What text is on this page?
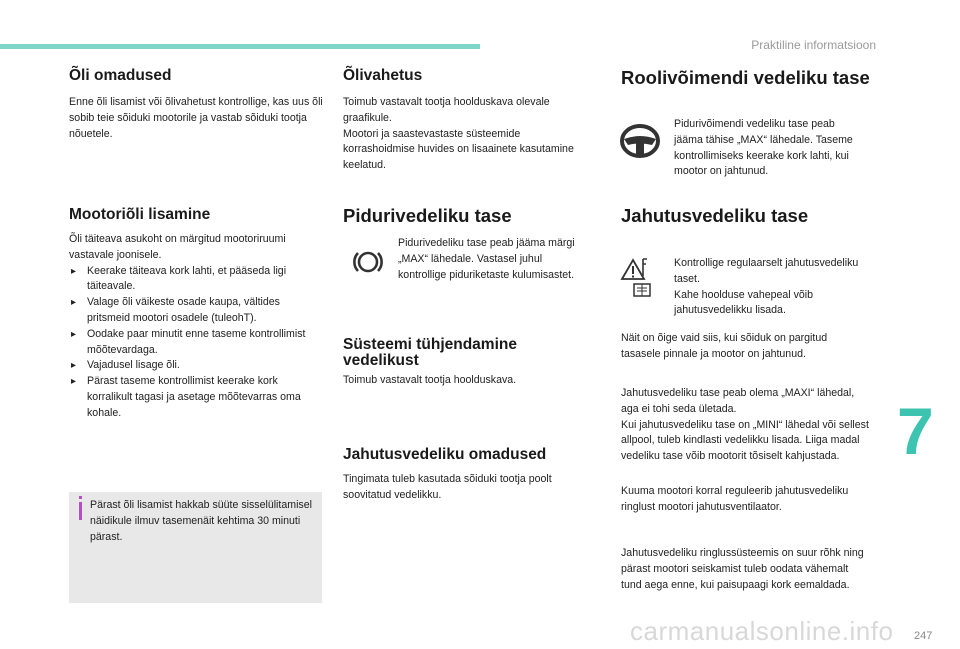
Praktiline informatsioon
Õli omadused
Enne õli lisamist või õlivahetust kontrollige, kas uus õli sobib teie sõiduki mootorile ja vastab sõiduki tootja nõuetele.
Mootoriõli lisamine
Õli täiteava asukoht on märgitud mootoriruumi vastavale joonisele.
▸ Keerake täiteava kork lahti, et pääseda ligi täiteavale.
▸ Valage õli väikeste osade kaupa, vältides pritsmeid mootori osadele (tuleohT).
▸ Oodake paar minutit enne taseme kontrollimist mõõtevardaga.
▸ Vajadusel lisage õli.
▸ Pärast taseme kontrollimist keerake kork korralikult tagasi ja asetage mõõtevarras oma kohale.
Pärast õli lisamist hakkab süüte sisselülitamisel näidikule ilmuv tasemenäit kehtima 30 minuti pärast.
Õlivahetus
Toimub vastavalt tootja hoolduskava olevale graafikule.
Mootori ja saastevastaste süsteemide korrashoidmise huvides on lisaainete kasutamine keelatud.
Pidurivedeliku tase
Pidurivedeliku tase peab jääma märgi „MAX“ lähedale. Vastasel juhul kontrollige piduriketaste kulumisastet.
Süsteemi tühjendamine vedelikust
Toimub vastavalt tootja hoolduskava.
Jahutusvedeliku omadused
Tingimata tuleb kasutada sõiduki tootja poolt soovitatud vedelikku.
Roolivõimendi vedeliku tase
Pidurivõimendi vedeliku tase peab jääma tähise „MAX“ lähedale. Taseme kontrollimiseks keerake kork lahti, kui mootor on jahtunud.
Jahutusvedeliku tase
Kontrollige regulaarselt jahutusvedeliku taset.
Kahe hoolduse vahepeal võib jahutusvedelikku lisada.
Näit on õige vaid siis, kui sõiduk on pargitud tasasele pinnale ja mootor on jahtunud.
Jahutusvedeliku tase peab olema „MAXI“ lähedal, aga ei tohi seda ületada.
Kui jahutusvedeliku tase on „MINI“ lähedal või sellest allpool, tuleb kindlasti vedelikku lisada. Liiga madal vedeliku tase võib mootorit tõsiselt kahjustada.
Kuuma mootori korral reguleerib jahutusvedeliku ringlust mootori jahutusventilaator.
Jahutusvedeliku ringlussüsteemis on suur rõhk ning pärast mootori seiskamist tuleb oodata vähemalt tund aega enne, kui paisupaagi kork eemaldada.
7
247
carmanualsonline.info
